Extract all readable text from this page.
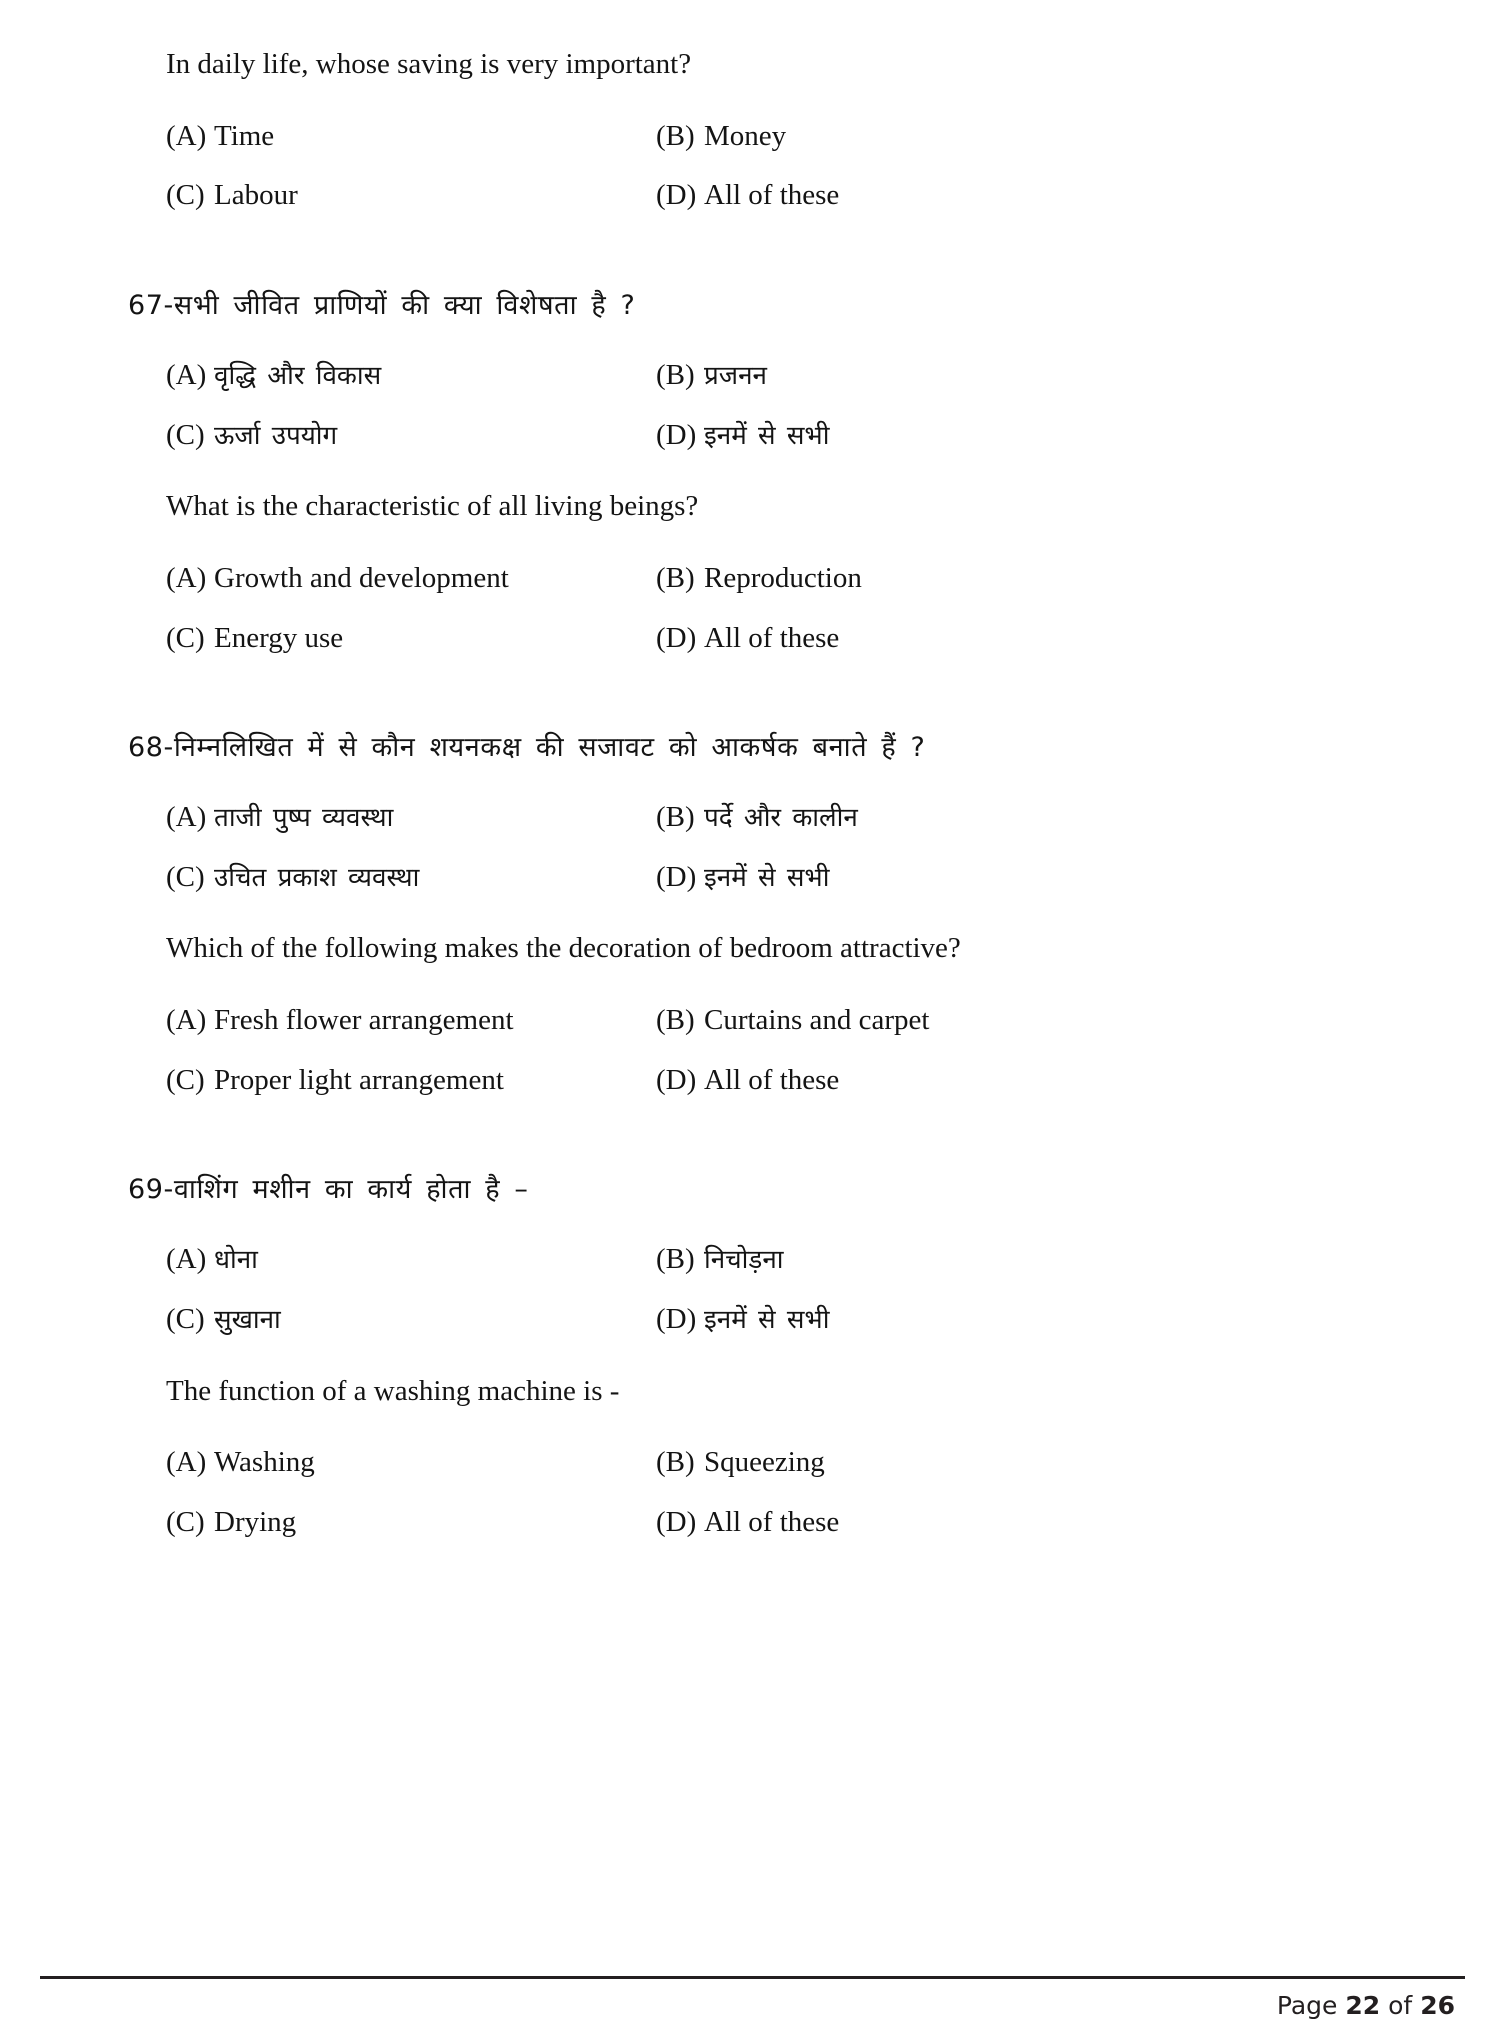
In daily life, whose saving is very important?
(A) Time	(B) Money
(C) Labour	(D) All of these
67-सभी जीवित प्राणियों की क्या विशेषता है ?
(A) वृद्धि और विकास	(B) प्रजनन
(C) ऊर्जा उपयोग	(D) इनमें से सभी
What is the characteristic of all living beings?
(A) Growth and development	(B) Reproduction
(C) Energy use	(D) All of these
68-निम्नलिखित में से कौन शयनकक्ष की सजावट को आकर्षक बनाते हैं ?
(A) ताजी पुष्प व्यवस्था	(B) पर्दे और कालीन
(C) उचित प्रकाश व्यवस्था	(D) इनमें से सभी
Which of the following makes the decoration of bedroom attractive?
(A) Fresh flower arrangement	(B) Curtains and carpet
(C) Proper light arrangement	(D) All of these
69-वाशिंग मशीन का कार्य होता है –
(A) धोना	(B) निचोड़ना
(C) सुखाना	(D) इनमें से सभी
The function of a washing machine is -
(A) Washing	(B) Squeezing
(C) Drying	(D) All of these
Page 22 of 26
